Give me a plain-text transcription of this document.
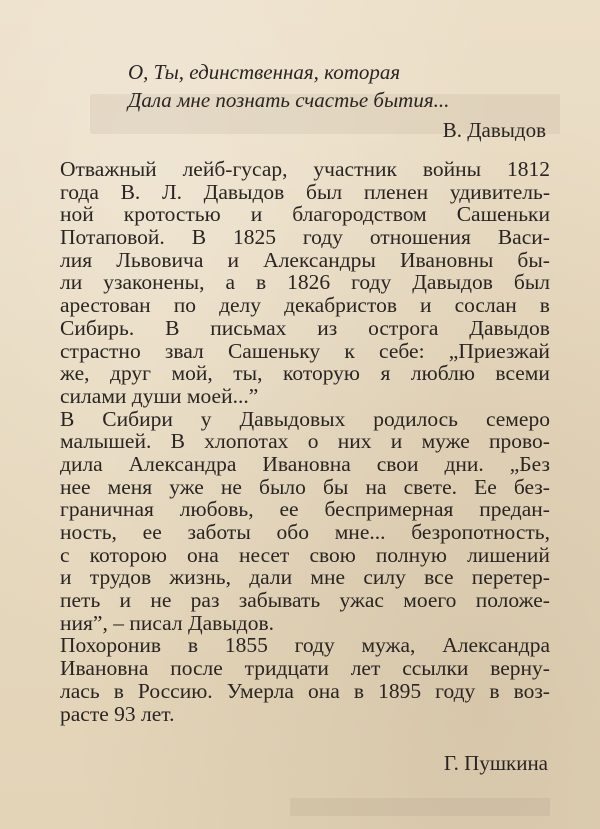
О, Ты, единственная, которая
Дала мне познать счастье бытия...
В. Давыдов
Отважный лейб-гусар, участник войны 1812
года В. Л. Давыдов был пленен удивитель-
ной кротостью и благородством Сашеньки
Потаповой. В 1825 году отношения Васи-
лия Львовича и Александры Ивановны бы-
ли узаконены, а в 1826 году Давыдов был
арестован по делу декабристов и сослан в
Сибирь. В письмах из острога Давыдов
страстно звал Сашеньку к себе: „Приезжай
же, друг мой, ты, которую я люблю всеми
силами души моей...”
В Сибири у Давыдовых родилось семеро
малышей. В хлопотах о них и муже прово-
дила Александра Ивановна свои дни. „Без
нее меня уже не было бы на свете. Ее без-
граничная любовь, ее беспримерная предан-
ность, ее заботы обо мне... безропотность,
с которою она несет свою полную лишений
и трудов жизнь, дали мне силу все перетер-
петь и не раз забывать ужас моего положе-
ния”, – писал Давыдов.
Похоронив в 1855 году мужа, Александра
Ивановна после тридцати лет ссылки верну-
лась в Россию. Умерла она в 1895 году в воз-
расте 93 лет.
Г. Пушкина
